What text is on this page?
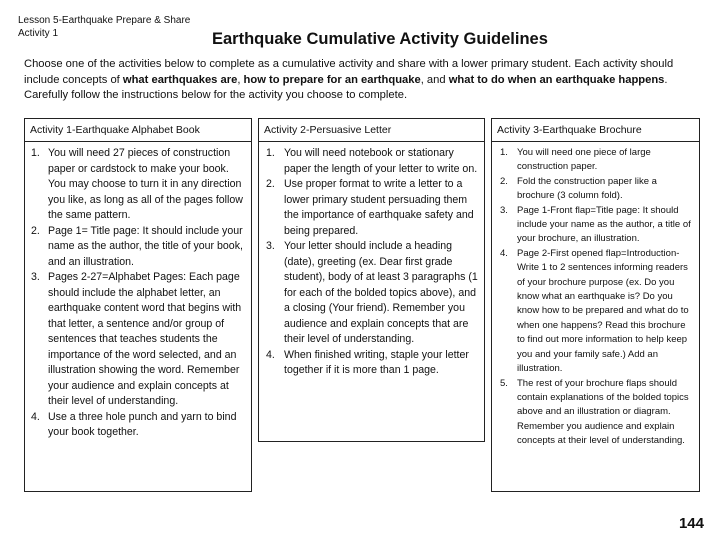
Lesson 5-Earthquake Prepare & Share
Activity 1	Earthquake Cumulative Activity Guidelines
Choose one of the activities below to complete as a cumulative activity and share with a lower primary student. Each activity should include concepts of what earthquakes are, how to prepare for an earthquake, and what to do when an earthquake happens. Carefully follow the instructions below for the activity you choose to complete.
Activity 1-Earthquake Alphabet Book
1. You will need 27 pieces of construction paper or cardstock to make your book. You may choose to turn it in any direction you like, as long as all of the pages follow the same pattern.
2. Page 1= Title page: It should include your name as the author, the title of your book, and an illustration.
3. Pages 2-27=Alphabet Pages: Each page should include the alphabet letter, an earthquake content word that begins with that letter, a sentence and/or group of sentences that teaches students the importance of the word selected, and an illustration showing the word. Remember your audience and explain concepts at their level of understanding.
4. Use a three hole punch and yarn to bind your book together.
Activity 2-Persuasive Letter
1. You will need notebook or stationary paper the length of your letter to write on.
2. Use proper format to write a letter to a lower primary student persuading them the importance of earthquake safety and being prepared.
3. Your letter should include a heading (date), greeting (ex. Dear first grade student), body of at least 3 paragraphs (1 for each of the bolded topics above), and a closing (Your friend). Remember you audience and explain concepts that are their level of understanding.
4. When finished writing, staple your letter together if it is more than 1 page.
Activity 3-Earthquake Brochure
1. You will need one piece of large construction paper.
2. Fold the construction paper like a brochure (3 column fold).
3. Page 1-Front flap=Title page: It should include your name as the author, a title of your brochure, an illustration.
4. Page 2-First opened flap=Introduction-Write 1 to 2 sentences informing readers of your brochure purpose (ex. Do you know what an earthquake is? Do you know how to be prepared and what do to when one happens? Read this brochure to find out more information to help keep you and your family safe.) Add an illustration.
5. The rest of your brochure flaps should contain explanations of the bolded topics above and an illustration or diagram. Remember you audience and explain concepts at their level of understanding.
144
